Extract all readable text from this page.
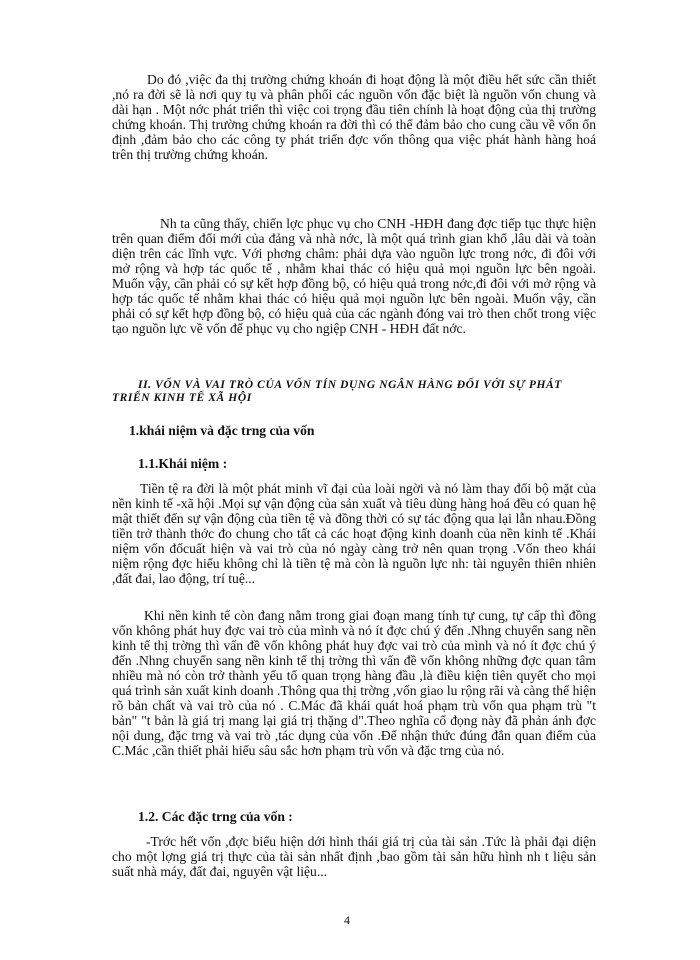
Do đó ,việc đa thị trường chứng khoán đi hoạt động là một điều hết sức cần thiết ,nó ra đời sẽ là nơi quy tụ và phân phối các nguồn vốn đặc biệt là nguồn vốn chung và dài hạn . Một nớc phát triển thì việc coi trọng đầu tiên chính là hoạt động của thị trường chứng khoán. Thị trường chứng khoán ra đời thì có thể đảm bảo cho cung cầu về vốn ổn định ,đảm bảo cho các công ty phát triển đợc vốn thông qua việc phát hành hàng hoá trên thị trường chứng khoán.

Nh ta cũng thấy, chiến lợc phục vụ cho CNH -HĐH đang đợc tiếp tục thực hiện trên quan điểm đổi mới của đảng và nhà nớc, là một quá trình gian khổ ,lâu dài và toàn diện trên các lĩnh vực. Với phơng châm: phải dựa vào nguồn lực trong nớc, đi đôi với mở rộng và hợp tác quốc tế , nhằm khai thác có hiệu quả mọi nguồn lực bên ngoài. Muốn vậy, cần phải có sự kết hợp đồng bộ, có hiệu quả trong nớc,đi đôi với mở rộng và hợp tác quốc tế nhằm khai thác có hiệu quả mọi nguồn lực bên ngoài. Muốn vậy, cần phải có sự kết hợp đồng bộ, có hiệu quả của các ngành đóng vai trò then chốt trong việc tạo nguồn lực về vốn để phục vụ cho ngiệp CNH - HĐH đất nớc.

II. VỐN VÀ VAI TRÒ CỦA VỐN TÍN DỤNG NGÂN HÀNG ĐỐI VỚI SỰ PHÁT TRIỂN KINH TẾ XÃ HỘI

1.khái niệm và đặc trng của vốn

1.1.Khái niệm :

Tiền tệ ra đời là một phát minh vĩ đại của loài ngời và nó làm thay đổi bộ mặt của nền kinh tế -xã hội .Mọi sự vận động của sản xuất và tiêu dùng hàng hoá đều có quan hệ mật thiết đến sự vận động của tiền tệ và đồng thời có sự tác động qua lại lẫn nhau.Đồng tiền trở thành thớc đo chung cho tất cả các hoạt động kinh doanh của nền kinh tế .Khái niệm vốn đốcuất hiện và vai trò của nó ngày càng trở nên quan trọng .Vốn theo khái niệm rộng đợc hiểu không chỉ là tiền tệ mà còn là nguồn lực nh: tài nguyên thiên nhiên ,đất đai, lao động, trí tuệ...

Khi nền kinh tế còn đang nằm trong giai đoạn mang tính tự cung, tự cấp thì đồng vốn không phát huy đợc vai trò của mình và nó ít đợc chú ý đến .Nhng chuyển sang nền kinh tế thị trờng thì vấn đề vốn không phát huy đợc vai trò của mình và nó ít đợc chú ý đến .Nhng chuyển sang nền kinh tế thị trờng thì vấn đề vốn không những đợc quan tâm nhiều mà nó còn trở thành yếu tố quan trọng hàng đầu ,là điều kiện tiên quyết cho mọi quá trình sản xuất kinh doanh .Thông qua thị trờng ,vốn giao lu rộng rãi và càng thể hiện rõ bản chất và vai trò của nó . C.Mác đã khái quát hoá phạm trù vốn qua phạm trù "t bản" "t bản là giá trị mang lại giá trị thặng d".Theo nghĩa cổ đọng này đã phản ánh đợc nội dung, đặc trng và vai trò ,tác dụng của vốn .Để nhận thức đúng đắn quan điểm của C.Mác ,cần thiết phải hiểu sâu sắc hơn phạm trù vốn và đặc trng của nó.

1.2. Các đặc trng của vốn :

-Trớc hết vốn ,đợc biểu hiện dới hình thái giá trị của tài sản .Tức là phải đại diện cho một lợng giá trị thực của tài sản nhất định ,bao gồm tài sản hữu hình nh t liệu sản suất nhà máy, đất đai, nguyên vật liệu...

4
